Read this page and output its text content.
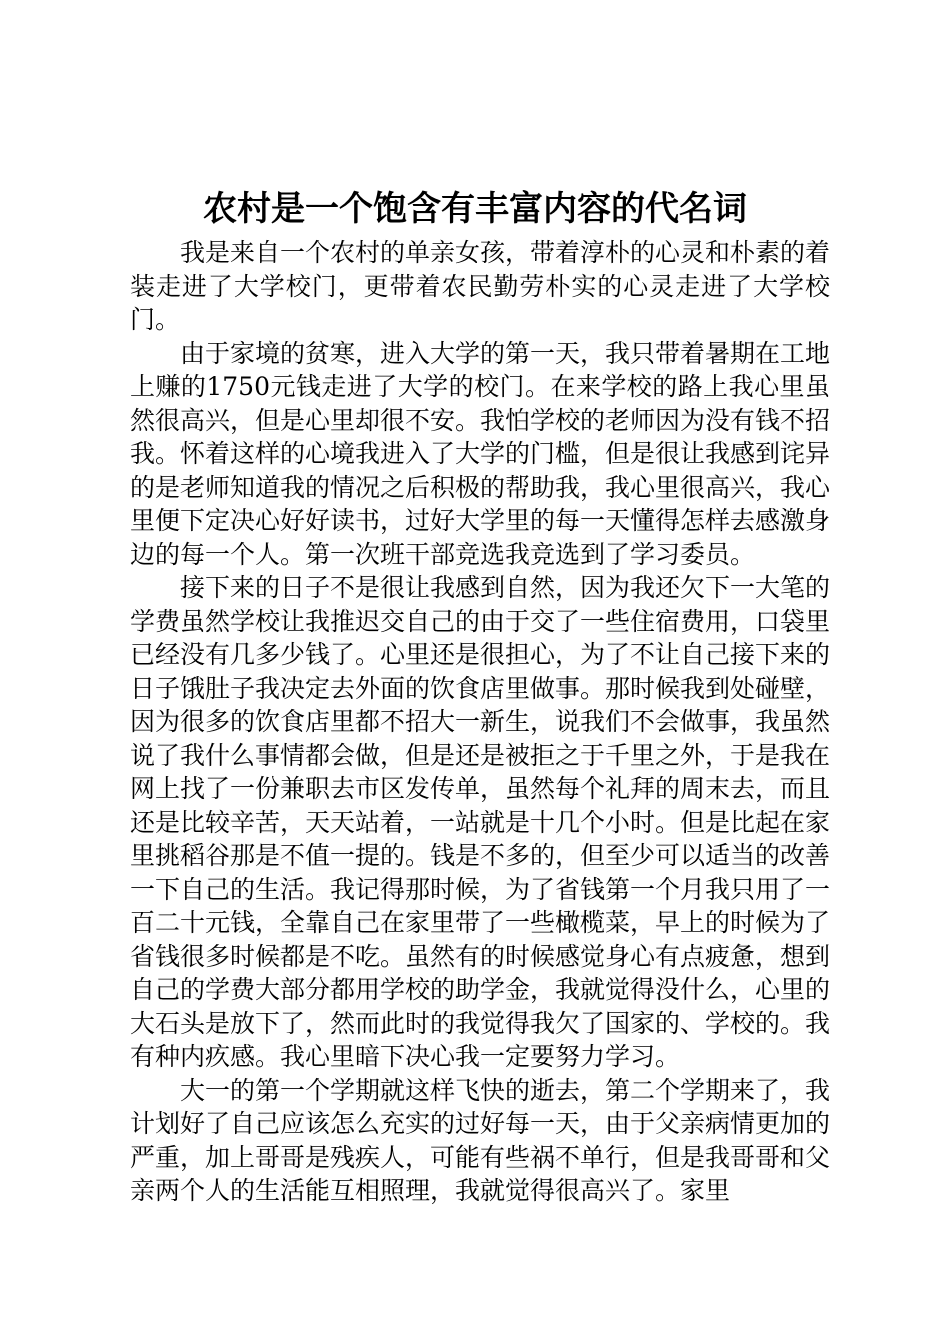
农村是一个饱含有丰富内容的代名词

我是来自一个农村的单亲女孩，带着淳朴的心灵和朴素的着装走进了大学校门，更带着农民勤劳朴实的心灵走进了大学校门。

由于家境的贫寒，进入大学的第一天，我只带着暑期在工地上赚的1750元钱走进了大学的校门。在来学校的路上我心里虽然很高兴，但是心里却很不安。我怕学校的老师因为没有钱不招我。怀着这样的心境我进入了大学的门槛，但是很让我感到诧异的是老师知道我的情况之后积极的帮助我，我心里很高兴，我心里便下定决心好好读书，过好大学里的每一天懂得怎样去感激身边的每一个人。第一次班干部竞选我竞选到了学习委员。

接下来的日子不是很让我感到自然，因为我还欠下一大笔的学费虽然学校让我推迟交自己的由于交了一些住宿费用，口袋里已经没有几多少钱了。心里还是很担心，为了不让自己接下来的日子饿肚子我决定去外面的饮食店里做事。那时候我到处碰壁，因为很多的饮食店里都不招大一新生，说我们不会做事，我虽然说了我什么事情都会做，但是还是被拒之于千里之外，于是我在网上找了一份兼职去市区发传单，虽然每个礼拜的周末去，而且还是比较辛苦，天天站着，一站就是十几个小时。但是比起在家里挑稻谷那是不值一提的。钱是不多的，但至少可以适当的改善一下自己的生活。我记得那时候，为了省钱第一个月我只用了一百二十元钱，全靠自己在家里带了一些橄榄菜，早上的时候为了省钱很多时候都是不吃。虽然有的时候感觉身心有点疲惫，想到自己的学费大部分都用学校的助学金，我就觉得没什么，心里的大石头是放下了，然而此时的我觉得我欠了国家的、学校的。我有种内疚感。我心里暗下决心我一定要努力学习。

大一的第一个学期就这样飞快的逝去，第二个学期来了，我计划好了自己应该怎么充实的过好每一天，由于父亲病情更加的严重，加上哥哥是残疾人，可能有些祸不单行，但是我哥哥和父亲两个人的生活能互相照理，我就觉得很高兴了。家里
